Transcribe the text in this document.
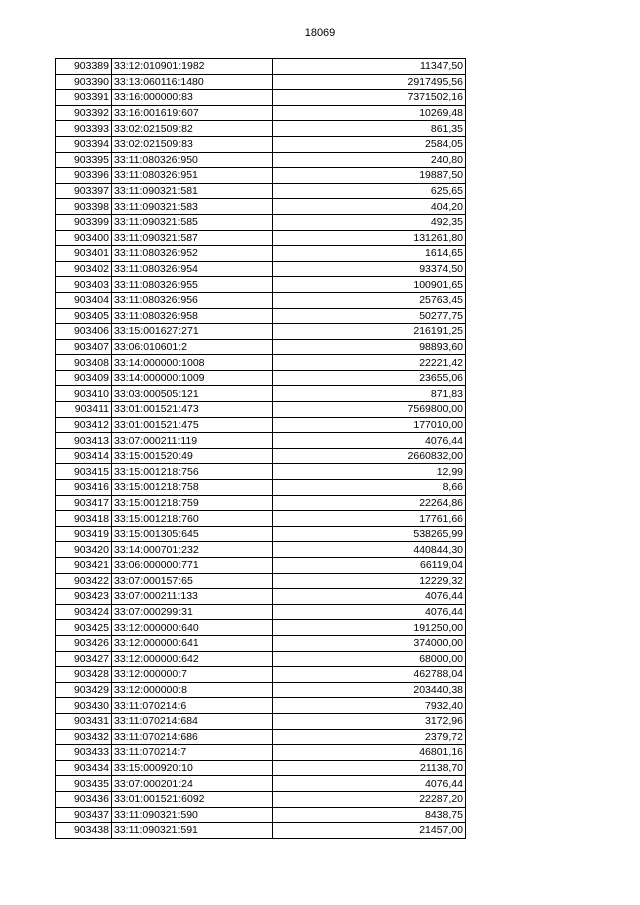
18069
903389	33:12:010901:1982	11347,50
903390	33:13:060116:1480	2917495,56
903391	33:16:000000:83	7371502,16
903392	33:16:001619:607	10269,48
903393	33:02:021509:82	861,35
903394	33:02:021509:83	2584,05
903395	33:11:080326:950	240,80
903396	33:11:080326:951	19887,50
903397	33:11:090321:581	625,65
903398	33:11:090321:583	404,20
903399	33:11:090321:585	492,35
903400	33:11:090321:587	131261,80
903401	33:11:080326:952	1614,65
903402	33:11:080326:954	93374,50
903403	33:11:080326:955	100901,65
903404	33:11:080326:956	25763,45
903405	33:11:080326:958	50277,75
903406	33:15:001627:271	216191,25
903407	33:06:010601:2	98893,60
903408	33:14:000000:1008	22221,42
903409	33:14:000000:1009	23655,06
903410	33:03:000505:121	871,83
903411	33:01:001521:473	7569800,00
903412	33:01:001521:475	177010,00
903413	33:07:000211:119	4076,44
903414	33:15:001520:49	2660832,00
903415	33:15:001218:756	12,99
903416	33:15:001218:758	8,66
903417	33:15:001218:759	22264,86
903418	33:15:001218:760	17761,66
903419	33:15:001305:645	538265,99
903420	33:14:000701:232	440844,30
903421	33:06:000000:771	66119,04
903422	33:07:000157:65	12229,32
903423	33:07:000211:133	4076,44
903424	33:07:000299:31	4076,44
903425	33:12:000000:640	191250,00
903426	33:12:000000:641	374000,00
903427	33:12:000000:642	68000,00
903428	33:12:000000:7	462788,04
903429	33:12:000000:8	203440,38
903430	33:11:070214:6	7932,40
903431	33:11:070214:684	3172,96
903432	33:11:070214:686	2379,72
903433	33:11:070214:7	46801,16
903434	33:15:000920:10	21138,70
903435	33:07:000201:24	4076,44
903436	33:01:001521:6092	22287,20
903437	33:11:090321:590	8438,75
903438	33:11:090321:591	21457,00
